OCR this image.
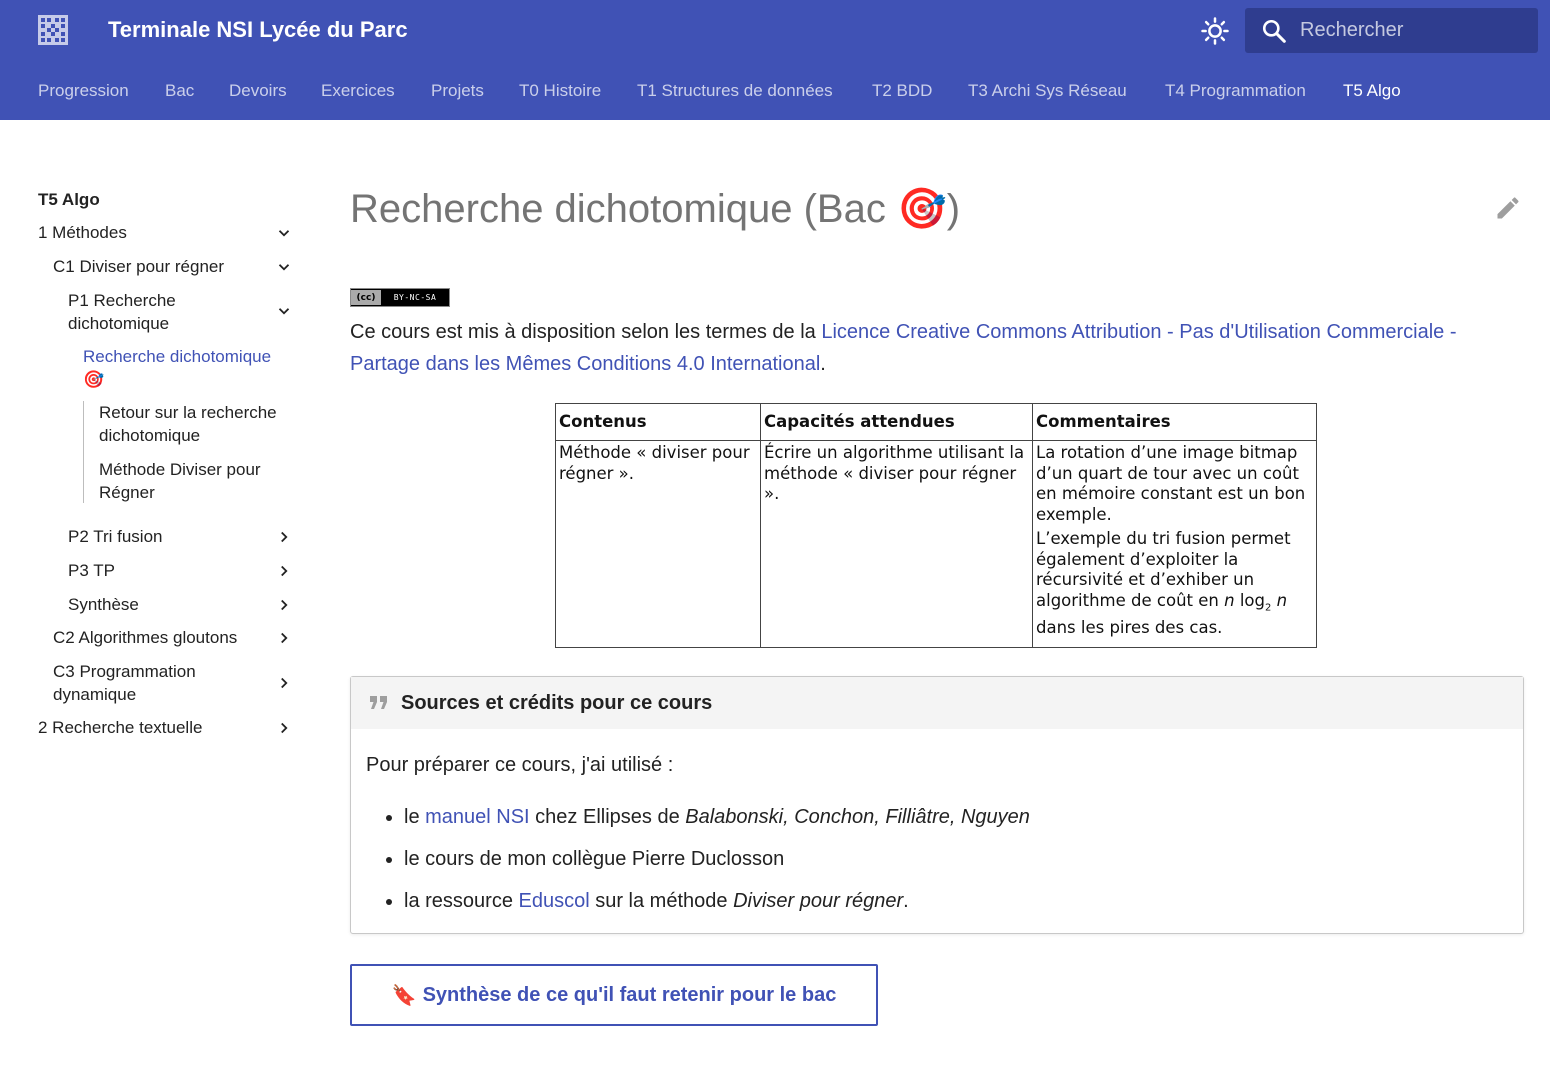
Terminale NSI Lycée du Parc
Rechercher
Progression Bac Devoirs Exercices Projets T0 Histoire T1 Structures de données T2 BDD T3 Archi Sys Réseau T4 Programmation T5 Algo
T5 Algo
1 Méthodes
C1 Diviser pour régner
P1 Recherche dichotomique
Recherche dichotomique 🎯
Retour sur la recherche dichotomique
Méthode Diviser pour Régner
P2 Tri fusion
P3 TP
Synthèse
C2 Algorithmes gloutons
C3 Programmation dynamique
2 Recherche textuelle
Recherche dichotomique (Bac 🎯)
(cc)	BY-NC-SA

Ce cours est mis à disposition selon les termes de la Licence Creative Commons Attribution - Pas d'Utilisation Commerciale - Partage dans les Mêmes Conditions 4.0 International.

Contenus	Capacités attendues	Commentaires
Méthode « diviser pour régner ».	Écrire un algorithme utilisant la méthode « diviser pour régner ».	La rotation d’une image bitmap d’un quart de tour avec un coût en mémoire constant est un bon exemple.

L’exemple du tri fusion permet également d’exploiter la récursivité et d’exhiber un algorithme de coût en n $\log_2 n$
dans les pires des cas.

Sources et crédits pour ce cours
Pour préparer ce cours, j'ai utilisé :
• le manuel NSI chez Ellipses de Balabonski, Conchon, Filliâtre, Nguyen
• le cours de mon collègue Pierre Duclosson
• la ressource Eduscol sur la méthode Diviser pour régner.
🔖 Synthèse de ce qu'il faut retenir pour le bac
